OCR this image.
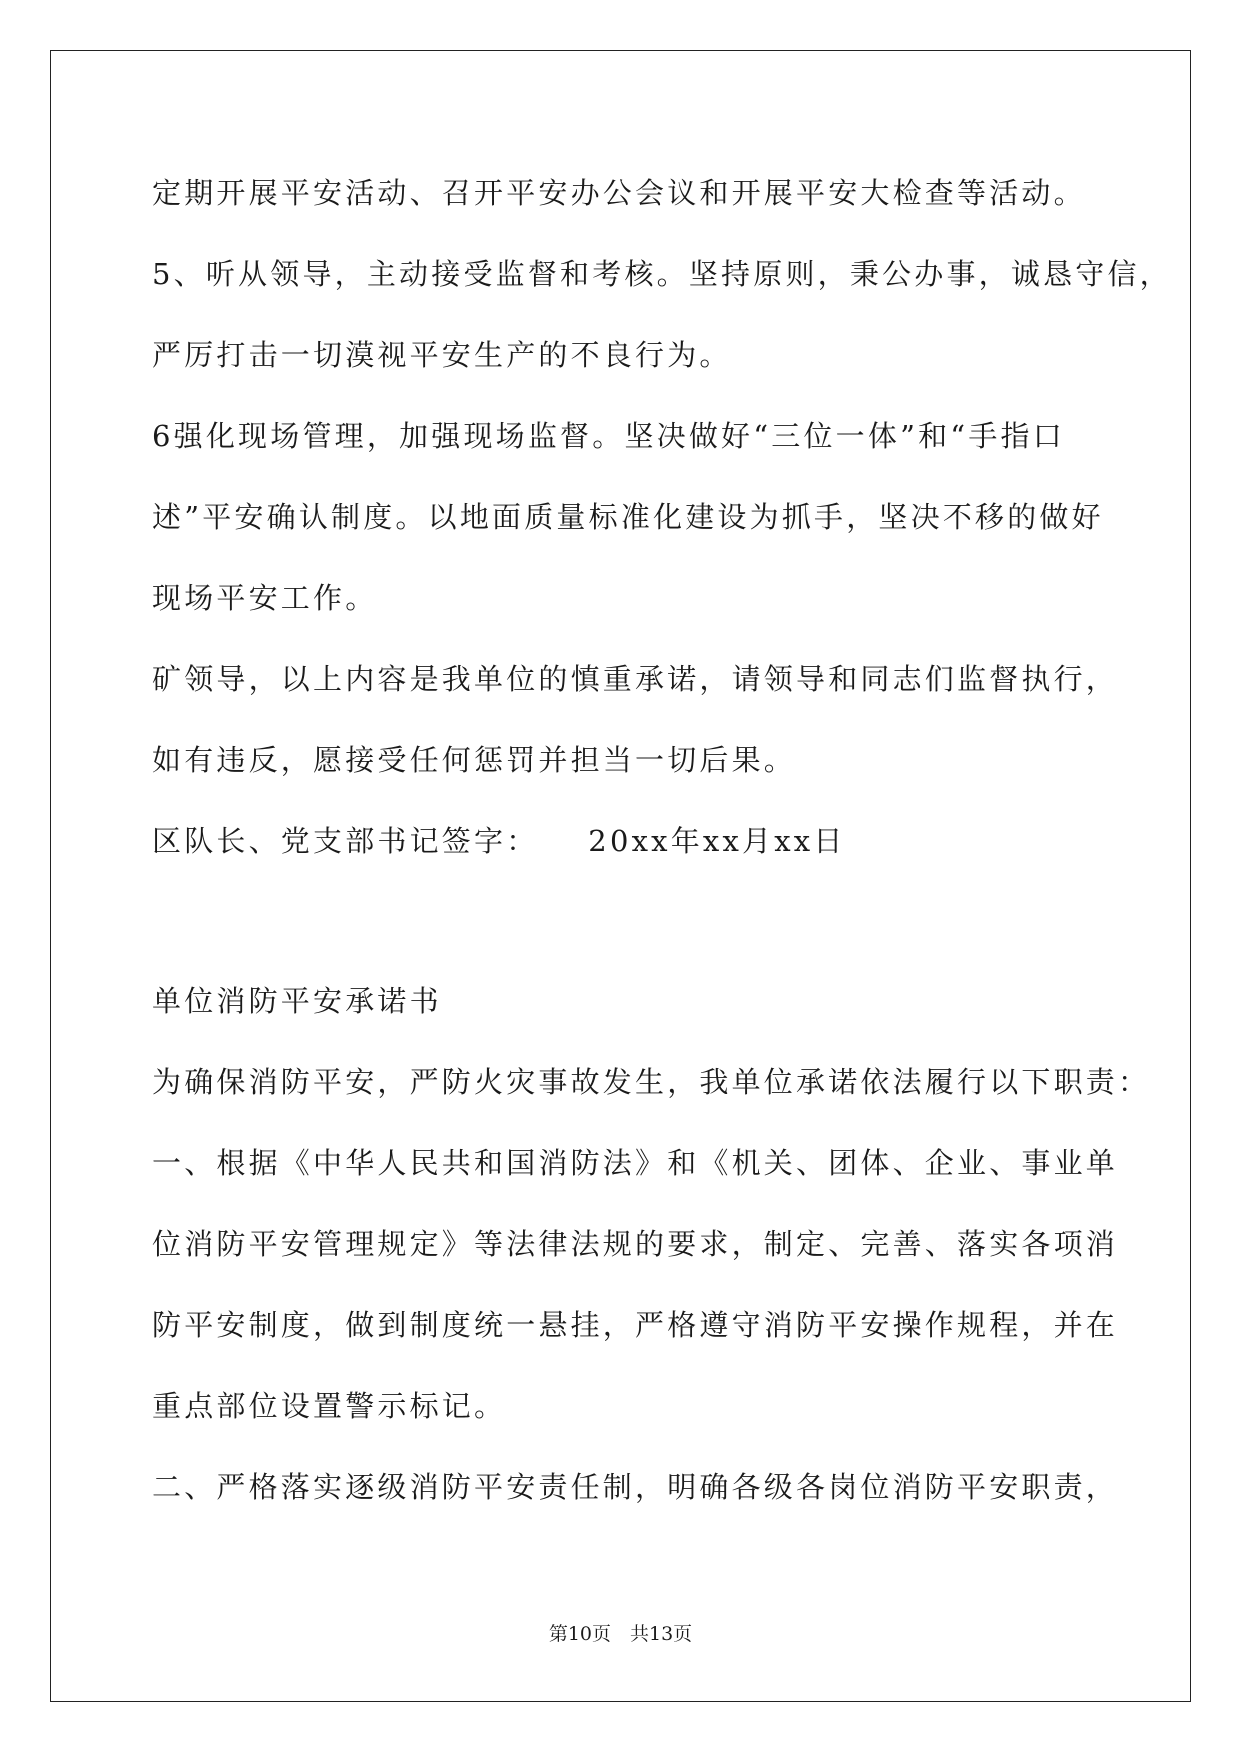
定期开展平安活动、召开平安办公会议和开展平安大检查等活动。
5、听从领导，主动接受监督和考核。坚持原则，秉公办事，诚恳守信，
严厉打击一切漠视平安生产的不良行为。
6强化现场管理，加强现场监督。坚决做好“三位一体”和“手指口
述”平安确认制度。以地面质量标准化建设为抓手，坚决不移的做好
现场平安工作。
矿领导，以上内容是我单位的慎重承诺，请领导和同志们监督执行，
如有违反，愿接受任何惩罚并担当一切后果。
区队长、党支部书记签字：　　20xx年xx月xx日
单位消防平安承诺书
为确保消防平安，严防火灾事故发生，我单位承诺依法履行以下职责：
一、根据《中华人民共和国消防法》和《机关、团体、企业、事业单
位消防平安管理规定》等法律法规的要求，制定、完善、落实各项消
防平安制度，做到制度统一悬挂，严格遵守消防平安操作规程，并在
重点部位设置警示标记。
二、严格落实逐级消防平安责任制，明确各级各岗位消防平安职责，
第10页　共13页
